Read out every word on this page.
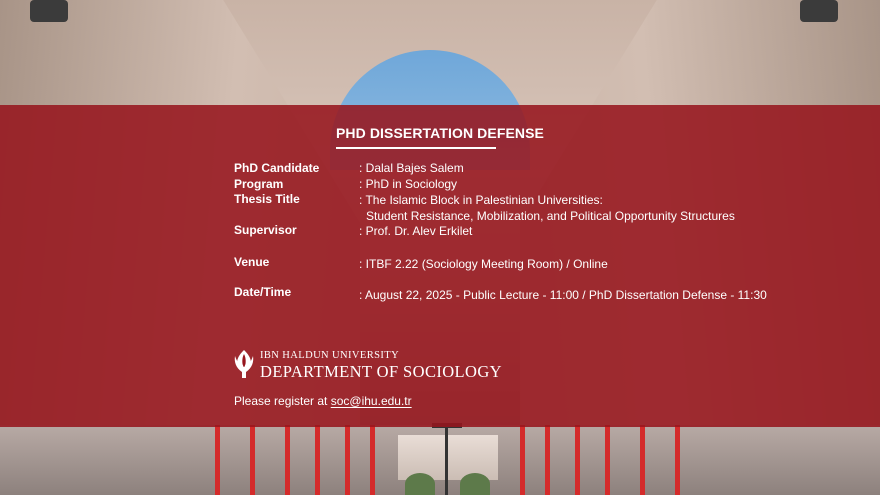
PHD DISSERTATION DEFENSE
PhD Candidate	: Dalal Bajes Salem
Program	: PhD in Sociology
Thesis Title	: The Islamic Block in Palestinian Universities:
Student Resistance, Mobilization, and Political Opportunity Structures
Supervisor	: Prof. Dr. Alev Erkilet
Venue	: ITBF 2.22 (Sociology Meeting Room) / Online
Date/Time	: August 22, 2025 - Public Lecture - 11:00 / PhD Dissertation Defense - 11:30
IBN HALDUN UNIVERSITY
DEPARTMENT OF SOCIOLOGY
Please register at soc@ihu.edu.tr
